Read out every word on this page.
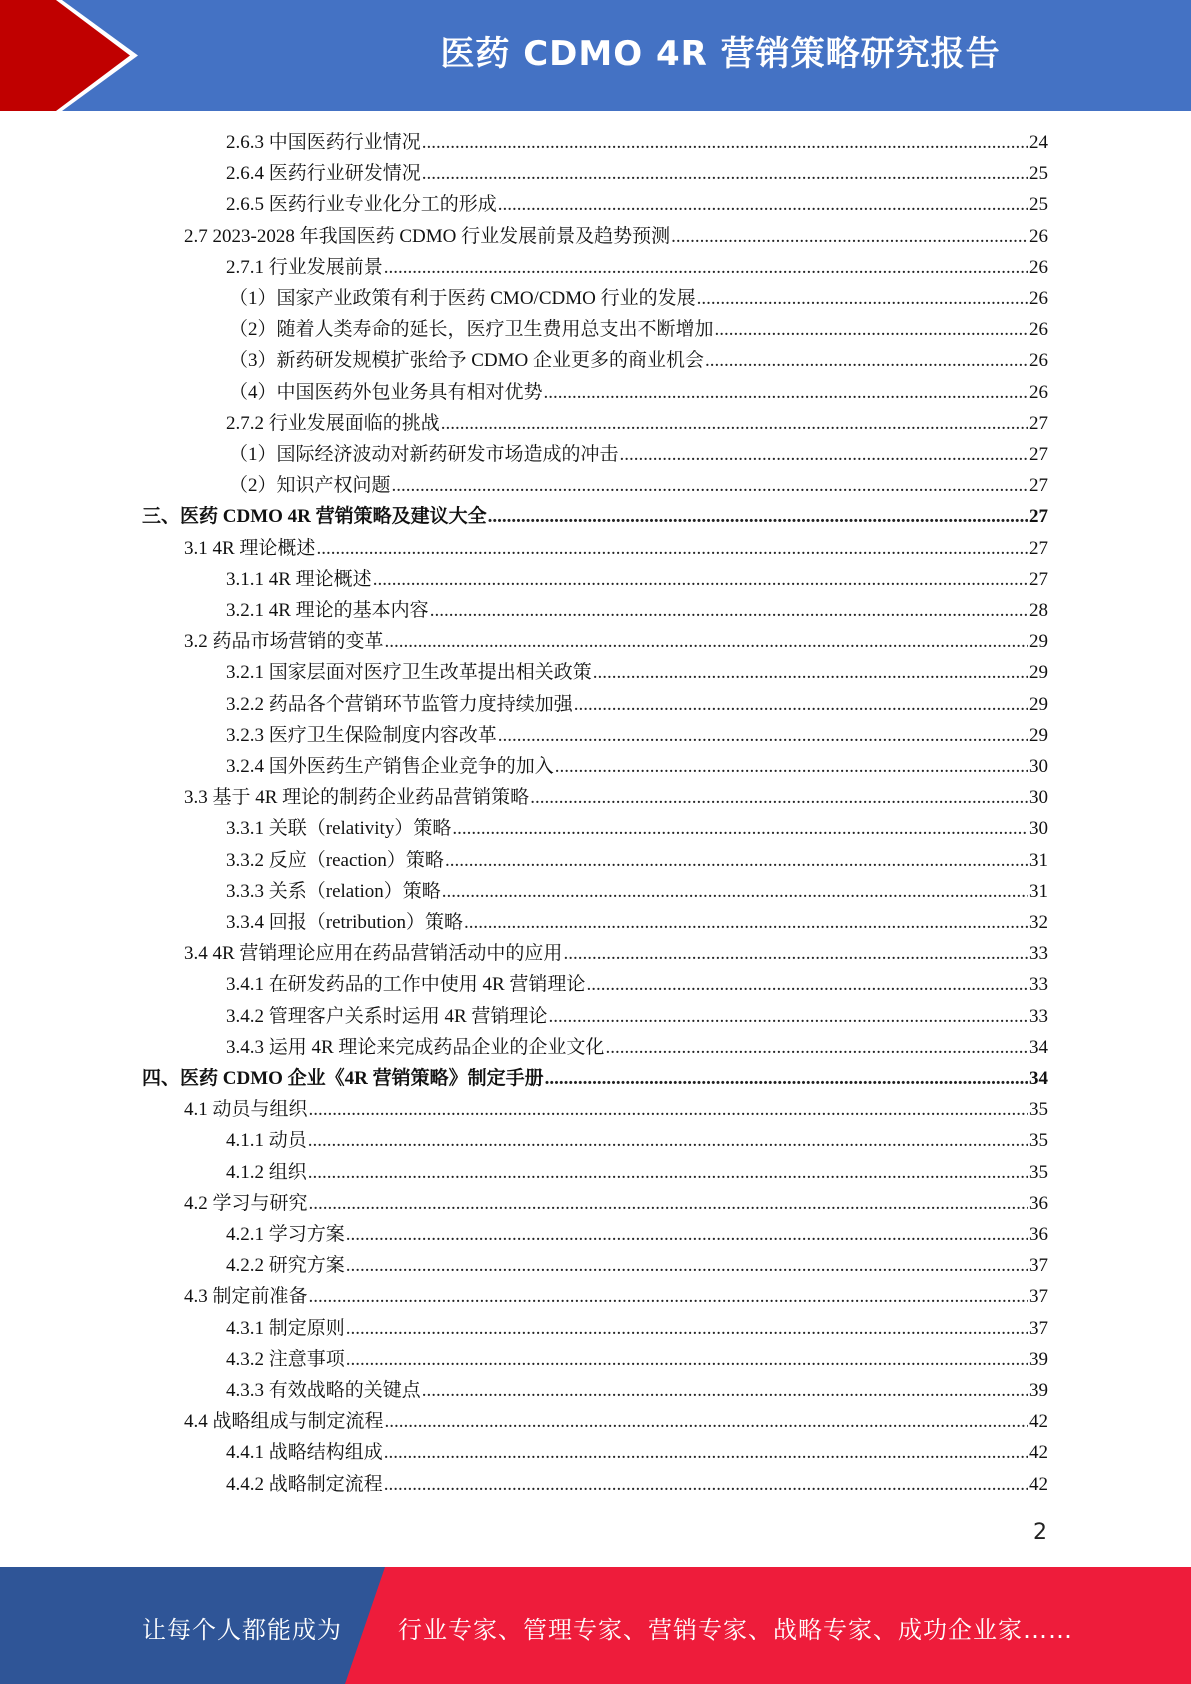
医药 CDMO 4R 营销策略研究报告
2.6.3 中国医药行业情况 .....	24
2.6.4 医药行业研发情况 .....	25
2.6.5 医药行业专业化分工的形成 .....	25
2.7 2023-2028 年我国医药 CDMO 行业发展前景及趋势预测 .....	26
2.7.1 行业发展前景 .....	26
（1）国家产业政策有利于医药 CMO/CDMO 行业的发展 .....	26
（2）随着人类寿命的延长，医疗卫生费用总支出不断增加 .....	26
（3）新药研发规模扩张给予 CDMO 企业更多的商业机会 .....	26
（4）中国医药外包业务具有相对优势 .....	26
2.7.2 行业发展面临的挑战 .....	27
（1）国际经济波动对新药研发市场造成的冲击 .....	27
（2）知识产权问题 .....	27
三、医药 CDMO 4R 营销策略及建议大全 .....	27
3.1 4R 理论概述 .....	27
3.1.1 4R 理论概述 .....	27
3.2.1 4R 理论的基本内容 .....	28
3.2 药品市场营销的变革 .....	29
3.2.1 国家层面对医疗卫生改革提出相关政策 .....	29
3.2.2 药品各个营销环节监管力度持续加强 .....	29
3.2.3 医疗卫生保险制度内容改革 .....	29
3.2.4 国外医药生产销售企业竞争的加入 .....	30
3.3 基于 4R 理论的制药企业药品营销策略 .....	30
3.3.1 关联（relativity）策略 .....	30
3.3.2 反应（reaction）策略 .....	31
3.3.3 关系（relation）策略 .....	31
3.3.4 回报（retribution）策略 .....	32
3.4 4R 营销理论应用在药品营销活动中的应用 .....	33
3.4.1 在研发药品的工作中使用 4R 营销理论 .....	33
3.4.2 管理客户关系时运用 4R 营销理论 .....	33
3.4.3 运用 4R 理论来完成药品企业的企业文化 .....	34
四、医药 CDMO 企业《4R 营销策略》制定手册 .....	34
4.1 动员与组织 .....	35
4.1.1 动员 .....	35
4.1.2 组织 .....	35
4.2 学习与研究 .....	36
4.2.1 学习方案 .....	36
4.2.2 研究方案 .....	37
4.3 制定前准备 .....	37
4.3.1 制定原则 .....	37
4.3.2 注意事项 .....	39
4.3.3 有效战略的关键点 .....	39
4.4 战略组成与制定流程 .....	42
4.4.1 战略结构组成 .....	42
4.4.2 战略制定流程 .....	42
2
让每个人都能成为 行业专家、管理专家、营销专家、战略专家、成功企业家……
